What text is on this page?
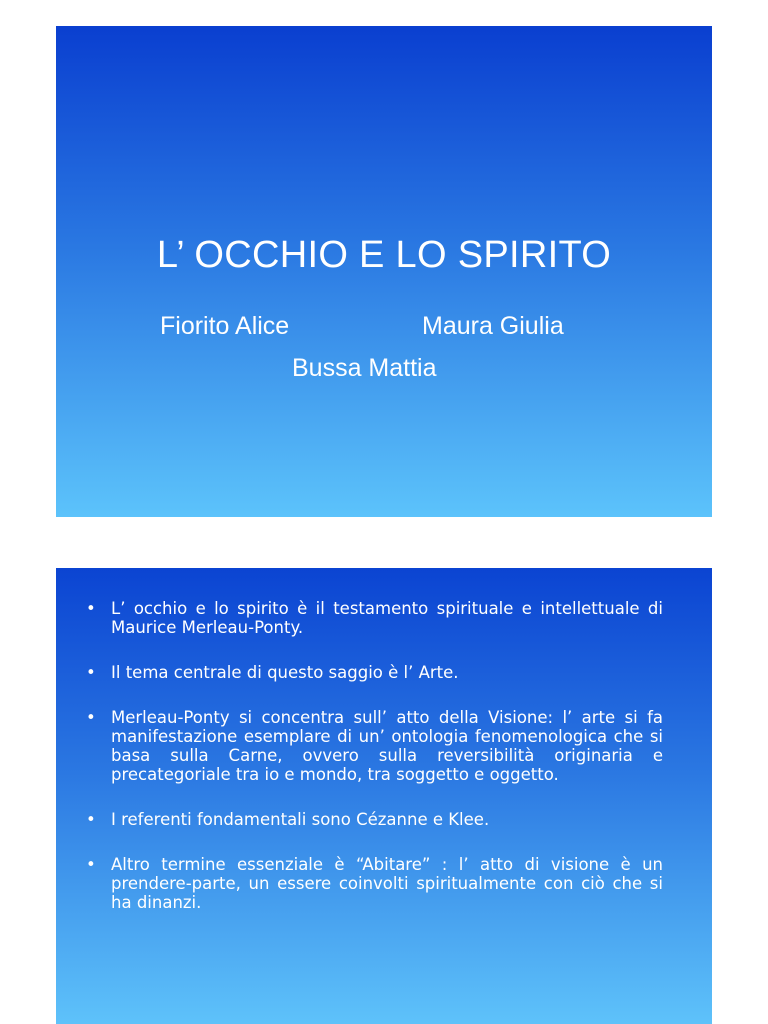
L’ OCCHIO E LO SPIRITO
Fiorito Alice	Maura Giulia
Bussa Mattia
• L’ occhio e lo spirito è il testamento spirituale e intellettuale di Maurice Merleau-Ponty.
• Il tema centrale di questo saggio è l’ Arte.
• Merleau-Ponty si concentra sull’ atto della Visione: l’ arte si fa manifestazione esemplare di un’ ontologia fenomenologica che si basa sulla Carne, ovvero sulla reversibilità originaria e precategoriale tra io e mondo, tra soggetto e oggetto.
• I referenti fondamentali sono Cézanne e Klee.
• Altro termine essenziale è “Abitare” : l’ atto di visione è un prendere-parte, un essere coinvolti spiritualmente con ciò che si ha dinanzi.
